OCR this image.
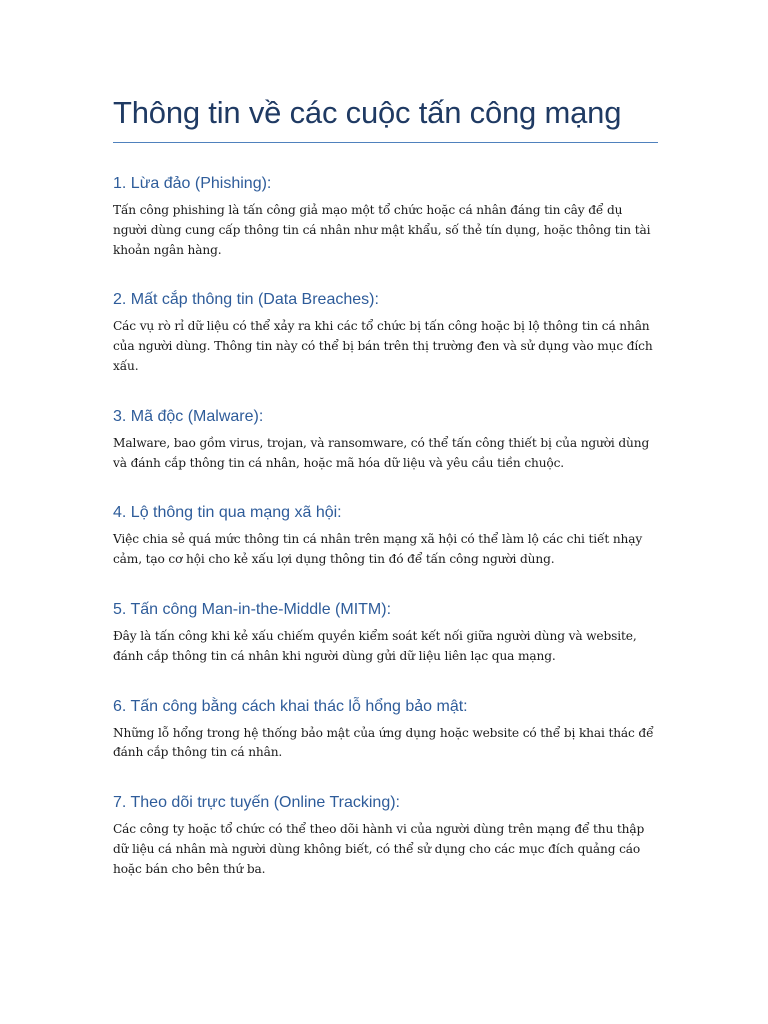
Thông tin về các cuộc tấn công mạng
1. Lừa đảo (Phishing):

Tấn công phishing là tấn công giả mạo một tổ chức hoặc cá nhân đáng tin cây để dụ người dùng cung cấp thông tin cá nhân như mật khẩu, số thẻ tín dụng, hoặc thông tin tài khoản ngân hàng.

2. Mất cắp thông tin (Data Breaches):

Các vụ rò rỉ dữ liệu có thể xảy ra khi các tổ chức bị tấn công hoặc bị lộ thông tin cá nhân của người dùng. Thông tin này có thể bị bán trên thị trường đen và sử dụng vào mục đích xấu.

3. Mã độc (Malware):

Malware, bao gồm virus, trojan, và ransomware, có thể tấn công thiết bị của người dùng và đánh cắp thông tin cá nhân, hoặc mã hóa dữ liệu và yêu cầu tiền chuộc.

4. Lộ thông tin qua mạng xã hội:

Việc chia sẻ quá mức thông tin cá nhân trên mạng xã hội có thể làm lộ các chi tiết nhạy cảm, tạo cơ hội cho kẻ xấu lợi dụng thông tin đó để tấn công người dùng.

5. Tấn công Man-in-the-Middle (MITM):

Đây là tấn công khi kẻ xấu chiếm quyền kiểm soát kết nối giữa người dùng và website, đánh cắp thông tin cá nhân khi người dùng gửi dữ liệu liên lạc qua mạng.

6. Tấn công bằng cách khai thác lỗ hổng bảo mật:

Những lỗ hổng trong hệ thống bảo mật của ứng dụng hoặc website có thể bị khai thác để đánh cắp thông tin cá nhân.

7. Theo dõi trực tuyến (Online Tracking):

Các công ty hoặc tổ chức có thể theo dõi hành vi của người dùng trên mạng để thu thập dữ liệu cá nhân mà người dùng không biết, có thể sử dụng cho các mục đích quảng cáo hoặc bán cho bên thứ ba.
